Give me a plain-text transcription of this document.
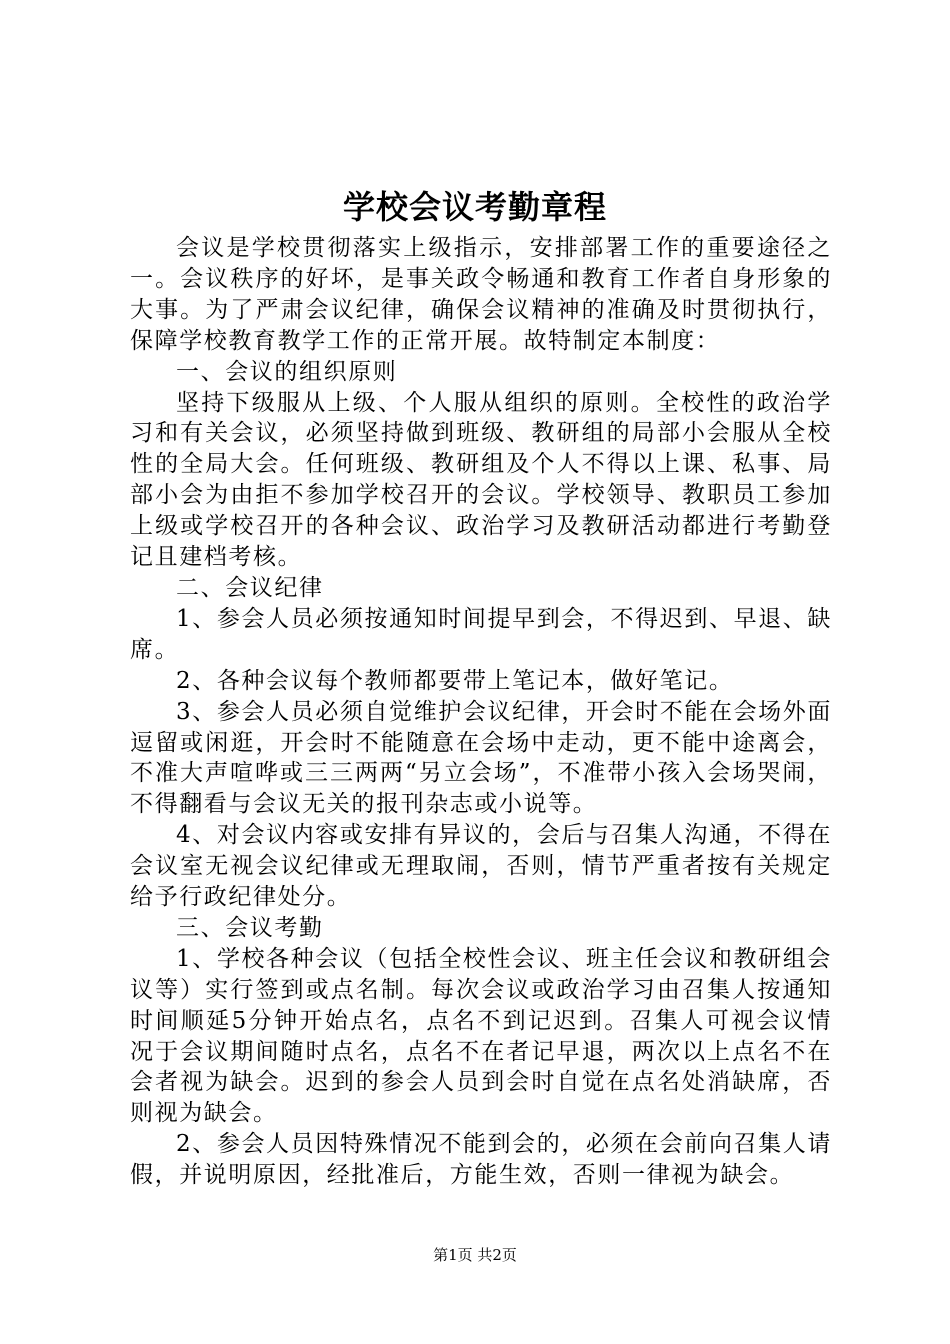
学校会议考勤章程

会议是学校贯彻落实上级指示，安排部署工作的重要途径之一。会议秩序的好坏，是事关政令畅通和教育工作者自身形象的大事。为了严肃会议纪律，确保会议精神的准确及时贯彻执行，保障学校教育教学工作的正常开展。故特制定本制度：

一、会议的组织原则

坚持下级服从上级、个人服从组织的原则。全校性的政治学习和有关会议，必须坚持做到班级、教研组的局部小会服从全校性的全局大会。任何班级、教研组及个人不得以上课、私事、局部小会为由拒不参加学校召开的会议。学校领导、教职员工参加上级或学校召开的各种会议、政治学习及教研活动都进行考勤登记且建档考核。

二、会议纪律

1、参会人员必须按通知时间提早到会，不得迟到、早退、缺席。

2、各种会议每个教师都要带上笔记本，做好笔记。

3、参会人员必须自觉维护会议纪律，开会时不能在会场外面逗留或闲逛，开会时不能随意在会场中走动，更不能中途离会，不准大声喧哗或三三两两“另立会场”，不准带小孩入会场哭闹，不得翻看与会议无关的报刊杂志或小说等。

4、对会议内容或安排有异议的，会后与召集人沟通，不得在会议室无视会议纪律或无理取闹，否则，情节严重者按有关规定给予行政纪律处分。

三、会议考勤

1、学校各种会议（包括全校性会议、班主任会议和教研组会议等）实行签到或点名制。每次会议或政治学习由召集人按通知时间顺延5分钟开始点名，点名不到记迟到。召集人可视会议情况于会议期间随时点名，点名不在者记早退，两次以上点名不在会者视为缺会。迟到的参会人员到会时自觉在点名处消缺席，否则视为缺会。

2、参会人员因特殊情况不能到会的，必须在会前向召集人请假，并说明原因，经批准后，方能生效，否则一律视为缺会。

第1页 共2页
